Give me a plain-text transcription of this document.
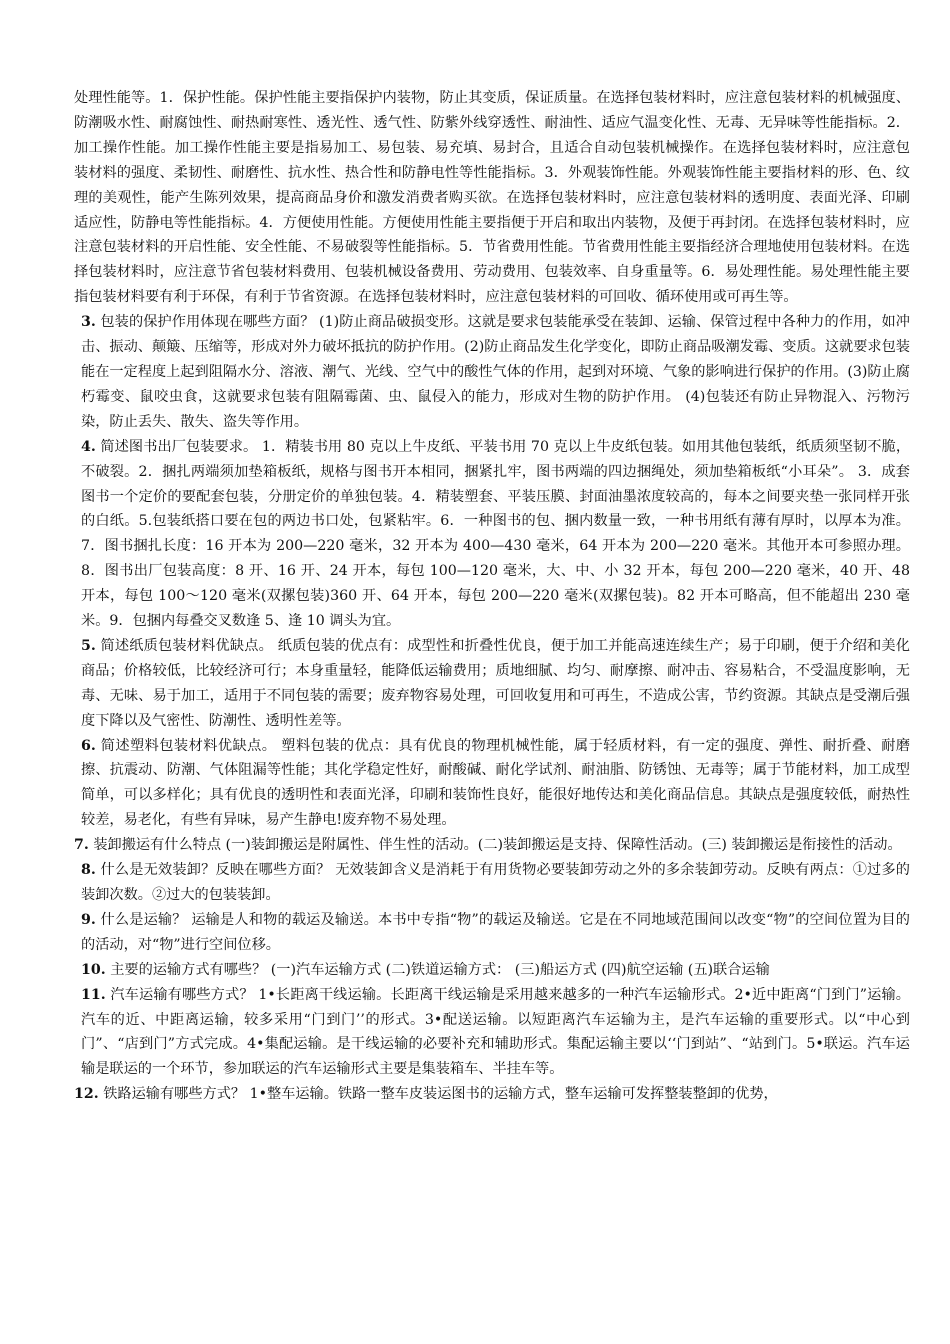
处理性能等。1．保护性能。保护性能主要指保护内装物，防止其变质，保证质量。在选择包装材料时，应注意包装材料的机械强度、防潮吸水性、耐腐蚀性、耐热耐寒性、透光性、透气性、防紫外线穿透性、耐油性、适应气温变化性、无毒、无异味等性能指标。2．加工操作性能。加工操作性能主要是指易加工、易包装、易充填、易封合，且适合自动包装机械操作。在选择包装材料时，应注意包装材料的强度、柔韧性、耐磨性、抗水性、热合性和防静电性等性能指标。3．外观装饰性能。外观装饰性能主要指材料的形、色、纹理的美观性，能产生陈列效果，提高商品身价和激发消费者购买欲。在选择包装材料时，应注意包装材料的透明度、表面光泽、印刷适应性，防静电等性能指标。4．方便使用性能。方便使用性能主要指便于开启和取出内装物，及便于再封闭。在选择包装材料时，应注意包装材料的开启性能、安全性能、不易破裂等性能指标。5．节省费用性能。节省费用性能主要指经济合理地使用包装材料。在选择包装材料时，应注意节省包装材料费用、包装机械设备费用、劳动费用、包装效率、自身重量等。6．易处理性能。易处理性能主要指包装材料要有利于环保，有利于节省资源。在选择包装材料时，应注意包装材料的可回收、循环使用或可再生等。

3. 包装的保护作用体现在哪些方面？ (1)防止商品破损变形。这就是要求包装能承受在装卸、运输、保管过程中各种力的作用，如冲击、振动、颠簸、压缩等，形成对外力破坏抵抗的防护作用。(2)防止商品发生化学变化，即防止商品吸潮发霉、变质。这就要求包装能在一定程度上起到阻隔水分、溶液、潮气、光线、空气中的酸性气体的作用，起到对环境、气象的影响进行保护的作用。(3)防止腐朽霉变、鼠咬虫食，这就要求包装有阻隔霉菌、虫、鼠侵入的能力，形成对生物的防护作用。 (4)包装还有防止异物混入、污物污染，防止丢失、散失、盗失等作用。

4. 简述图书出厂包装要求。 1．精装书用 80 克以上牛皮纸、平装书用 70 克以上牛皮纸包装。如用其他包装纸，纸质须坚韧不脆，不破裂。2．捆扎两端须加垫箱板纸，规格与图书开本相同，捆紧扎牢，图书两端的四边捆绳处，须加垫箱板纸“小耳朵”。 3．成套图书一个定价的要配套包装，分册定价的单独包装。4．精装塑套、平装压膜、封面油墨浓度较高的，每本之间要夹垫一张同样开张的白纸。5.包装纸搭口要在包的两边书口处，包紧粘牢。6．一种图书的包、捆内数量一致，一种书用纸有薄有厚时，以厚本为准。7．图书捆扎长度：16 开本为 200—220 毫米，32 开本为 400—430 毫米，64 开本为 200—220 毫米。其他开本可参照办理。8．图书出厂包装高度：8 开、16 开、24 开本，每包 100—120 毫米，大、中、小 32 开本，每包 200—220 毫米，40 开、48 开本，每包 100～120 毫米(双摞包装)360 开、64 开本，每包 200—220 毫米(双摞包装)。82 开本可略高，但不能超出 230 毫米。9．包捆内每叠交叉数逢 5、逢 10 调头为宜。

5. 简述纸质包装材料优缺点。 纸质包装的优点有：成型性和折叠性优良，便于加工并能高速连续生产；易于印刷，便于介绍和美化商品；价格较低，比较经济可行；本身重量轻，能降低运输费用；质地细腻、均匀、耐摩擦、耐冲击、容易粘合，不受温度影响，无毒、无味、易于加工，适用于不同包装的需要；废弃物容易处理，可回收复用和可再生，不造成公害，节约资源。其缺点是受潮后强度下降以及气密性、防潮性、透明性差等。

6. 简述塑料包装材料优缺点。 塑料包装的优点：具有优良的物理机械性能，属于轻质材料，有一定的强度、弹性、耐折叠、耐磨擦、抗震动、防潮、气体阻漏等性能；其化学稳定性好，耐酸碱、耐化学试剂、耐油脂、防锈蚀、无毒等；属于节能材料，加工成型简单，可以多样化；具有优良的透明性和表面光泽，印刷和装饰性良好，能很好地传达和美化商品信息。其缺点是强度较低，耐热性较差，易老化，有些有异味，易产生静电!废弃物不易处理。

7. 装卸搬运有什么特点 (一)装卸搬运是附属性、伴生性的活动。(二)装卸搬运是支持、保障性活动。(三) 装卸搬运是衔接性的活动。

8. 什么是无效装卸？反映在哪些方面？ 无效装卸含义是消耗于有用货物必要装卸劳动之外的多余装卸劳动。反映有两点：①过多的装卸次数。②过大的包装装卸。

9. 什么是运输？ 运输是人和物的载运及输送。本书中专指“物”的载运及输送。它是在不同地域范围间以改变“物”的空间位置为目的的活动，对“物”进行空间位移。

10. 主要的运输方式有哪些？ (一)汽车运输方式 (二)铁道运输方式： (三)船运方式 (四)航空运输 (五)联合运输

11. 汽车运输有哪些方式？ 1•长距离干线运输。长距离干线运输是采用越来越多的一种汽车运输形式。2•近中距离“门到门”运输。汽车的近、中距离运输，较多采用“门到门’’的形式。3•配送运输。以短距离汽车运输为主，是汽车运输的重要形式。以“中心到门”、“店到门”方式完成。4•集配运输。是干线运输的必要补充和辅助形式。集配运输主要以‘‘门到站”、“站到门。5•联运。汽车运输是联运的一个环节，参加联运的汽车运输形式主要是集装箱车、半挂车等。

12. 铁路运输有哪些方式？ 1•整车运输。铁路一整车皮装运图书的运输方式，整车运输可发挥整装整卸的优势，
